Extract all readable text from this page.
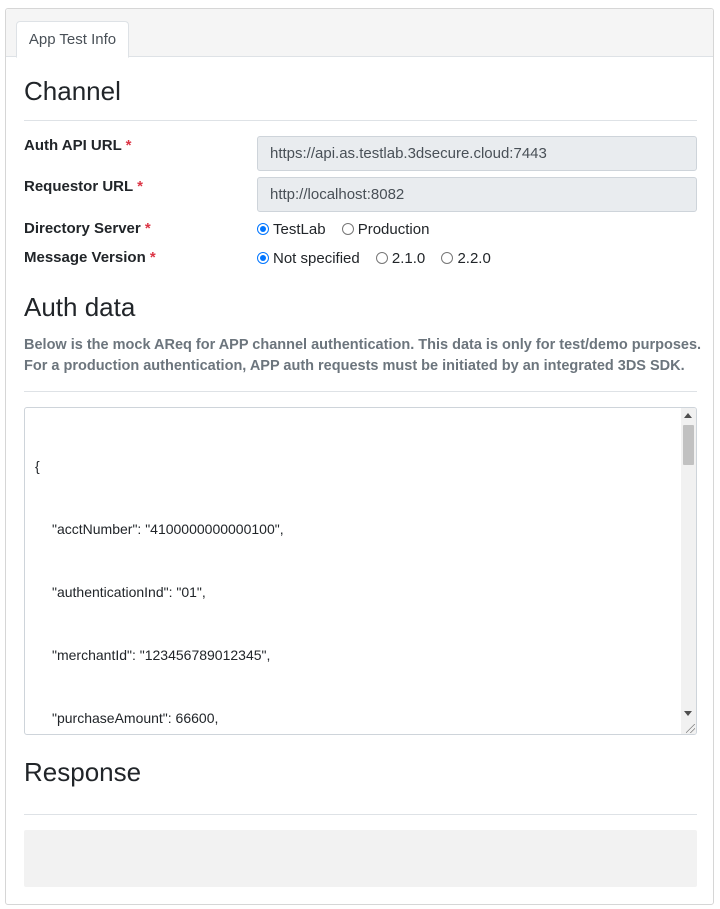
App Test Info
Channel
Auth API URL *	https://api.as.testlab.3dsecure.cloud:7443
Requestor URL *	http://localhost:8082
Directory Server *	TestLab Production
Message Version *	Not specified 2.1.0 2.2.0
Auth data
Below is the mock AReq for APP channel authentication. This data is only for test/demo purposes.
For a production authentication, APP auth requests must be initiated by an integrated 3DS SDK.

{

"acctNumber": "4100000000000100",

"authenticationInd": "01",

"merchantId": "123456789012345",

"purchaseAmount": 66600,

Response
